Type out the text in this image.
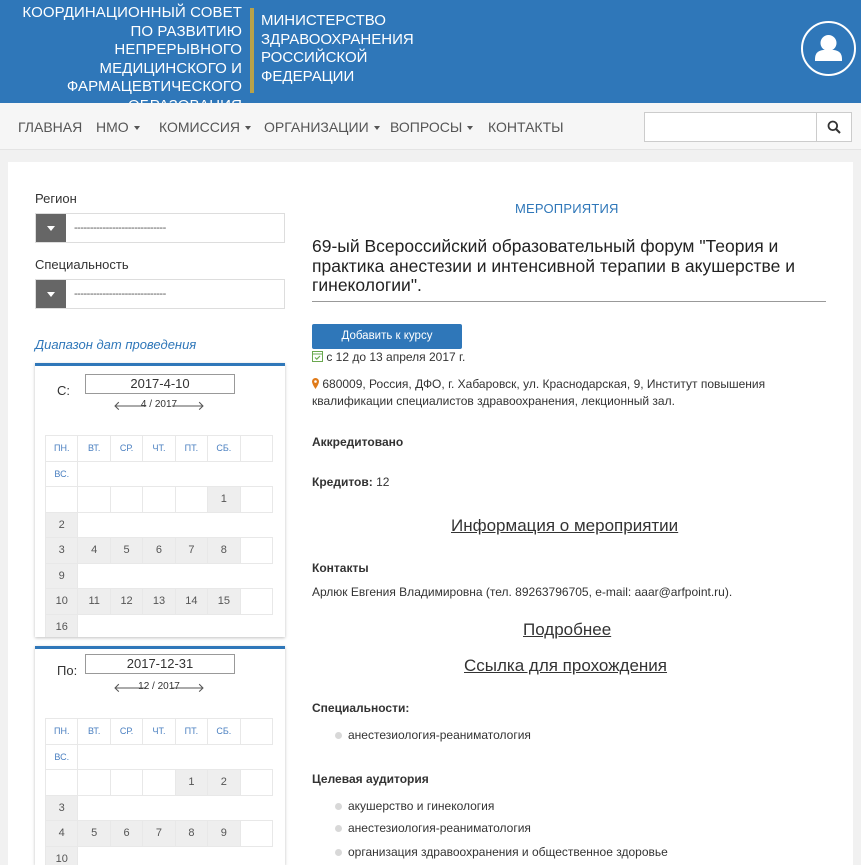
КООРДИНАЦИОННЫЙ СОВЕТ
ПО РАЗВИТИЮ НЕПРЕРЫВНОГО
МЕДИЦИНСКОГО И
ФАРМАЦЕВТИЧЕСКОГО
МИНИСТЕРСТВО
ЗДРАВООХРАНЕНИЯ
РОССИЙСКОЙ
ФЕДЕРАЦИИ
ГЛАВНАЯ НМО	КОМИССИЯ	ОРГАНИЗАЦИИ	ВОПРОСЫ	КОНТАКТЫ
Регион
-----------------------------
Специальность
-----------------------------
Диапазон дат проведения
С:	2017-4-10
🡐
4 / 2017
🡒
ПН.	ВТ.	СР.	ЧТ.	ПТ.	СБ.	
ВС.						
					1	
2						
3	4	5	6	7	8	
9						
10	11	12	13	14	15	
16						
По:	2017-12-31
🡐
12 / 2017
🡒
ПН.	ВТ.	СР.	ЧТ.	ПТ.	СБ.	
ВС.						
				1	2	
3						
4	5	6	7	8	9	
10						
МЕРОПРИЯТИЯ
69-ый Всероссийский образовательный форум "Теория и практика анестезии и интенсивной терапии в акушерстве и гинекологии".
Добавить к курсу
с 12 до 13 апреля 2017 г.
680009, Россия, ДФО, г. Хабаровск, ул. Краснодарская, 9, Институт повышения
квалификации специалистов здравоохранения, лекционный зал.
Аккредитовано
Кредитов: 12
Информация о мероприятии
Контакты
Арлюк Евгения Владимировна (тел. 89263796705, e-mail: aaar@arfpoint.ru).
Подробнее
Ссылка для прохождения
Специальности:
анестезиология-реаниматология
Целевая аудитория
акушерство и гинекология
анестезиология-реаниматология
организация здравоохранения и общественное здоровье
